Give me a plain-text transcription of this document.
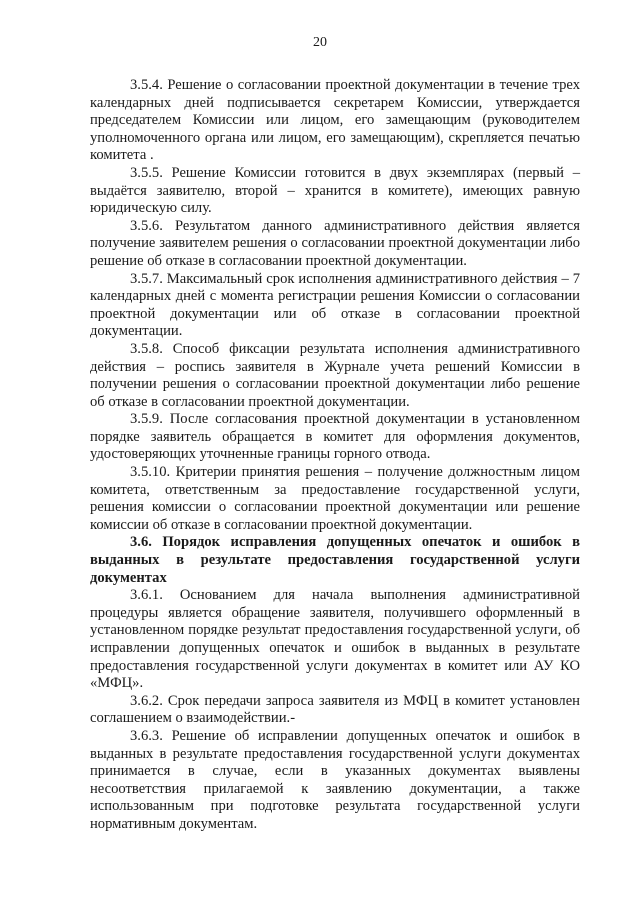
20

3.5.4. Решение о согласовании проектной документации в течение трех календарных дней подписывается секретарем Комиссии, утверждается председателем Комиссии или лицом, его замещающим (руководителем уполномоченного органа или лицом, его замещающим), скрепляется печатью комитета .

3.5.5. Решение Комиссии готовится в двух экземплярах (первый – выдаётся заявителю, второй – хранится в комитете), имеющих равную юридическую силу.

3.5.6. Результатом данного административного действия является получение заявителем решения о согласовании проектной документации либо решение об отказе в согласовании проектной документации.

3.5.7. Максимальный срок исполнения административного действия – 7 календарных дней с момента регистрации решения Комиссии о согласовании проектной документации или об отказе в согласовании проектной документации.

3.5.8. Способ фиксации результата исполнения административного действия – роспись заявителя в Журнале учета решений Комиссии в получении решения о согласовании проектной документации либо решение об отказе в согласовании проектной документации.

3.5.9. После согласования проектной документации в установленном порядке заявитель обращается в комитет для оформления документов, удостоверяющих уточненные границы горного отвода.

3.5.10. Критерии принятия решения – получение должностным лицом комитета, ответственным за предоставление государственной услуги, решения комиссии о согласовании проектной документации или решение комиссии об отказе в согласовании проектной документации.

3.6. Порядок исправления допущенных опечаток и ошибок в выданных в результате предоставления государственной услуги документах

3.6.1. Основанием для начала выполнения административной процедуры является обращение заявителя, получившего оформленный в установленном порядке результат предоставления государственной услуги, об исправлении допущенных опечаток и ошибок в выданных в результате предоставления государственной услуги документах в комитет или АУ КО «МФЦ».

3.6.2. Срок передачи запроса заявителя из МФЦ в комитет установлен соглашением о взаимодействии.-

3.6.3. Решение об исправлении допущенных опечаток и ошибок в выданных в результате предоставления государственной услуги документах принимается в случае, если в указанных документах выявлены несоответствия прилагаемой к заявлению документации, а также использованным при подготовке результата государственной услуги нормативным документам.
